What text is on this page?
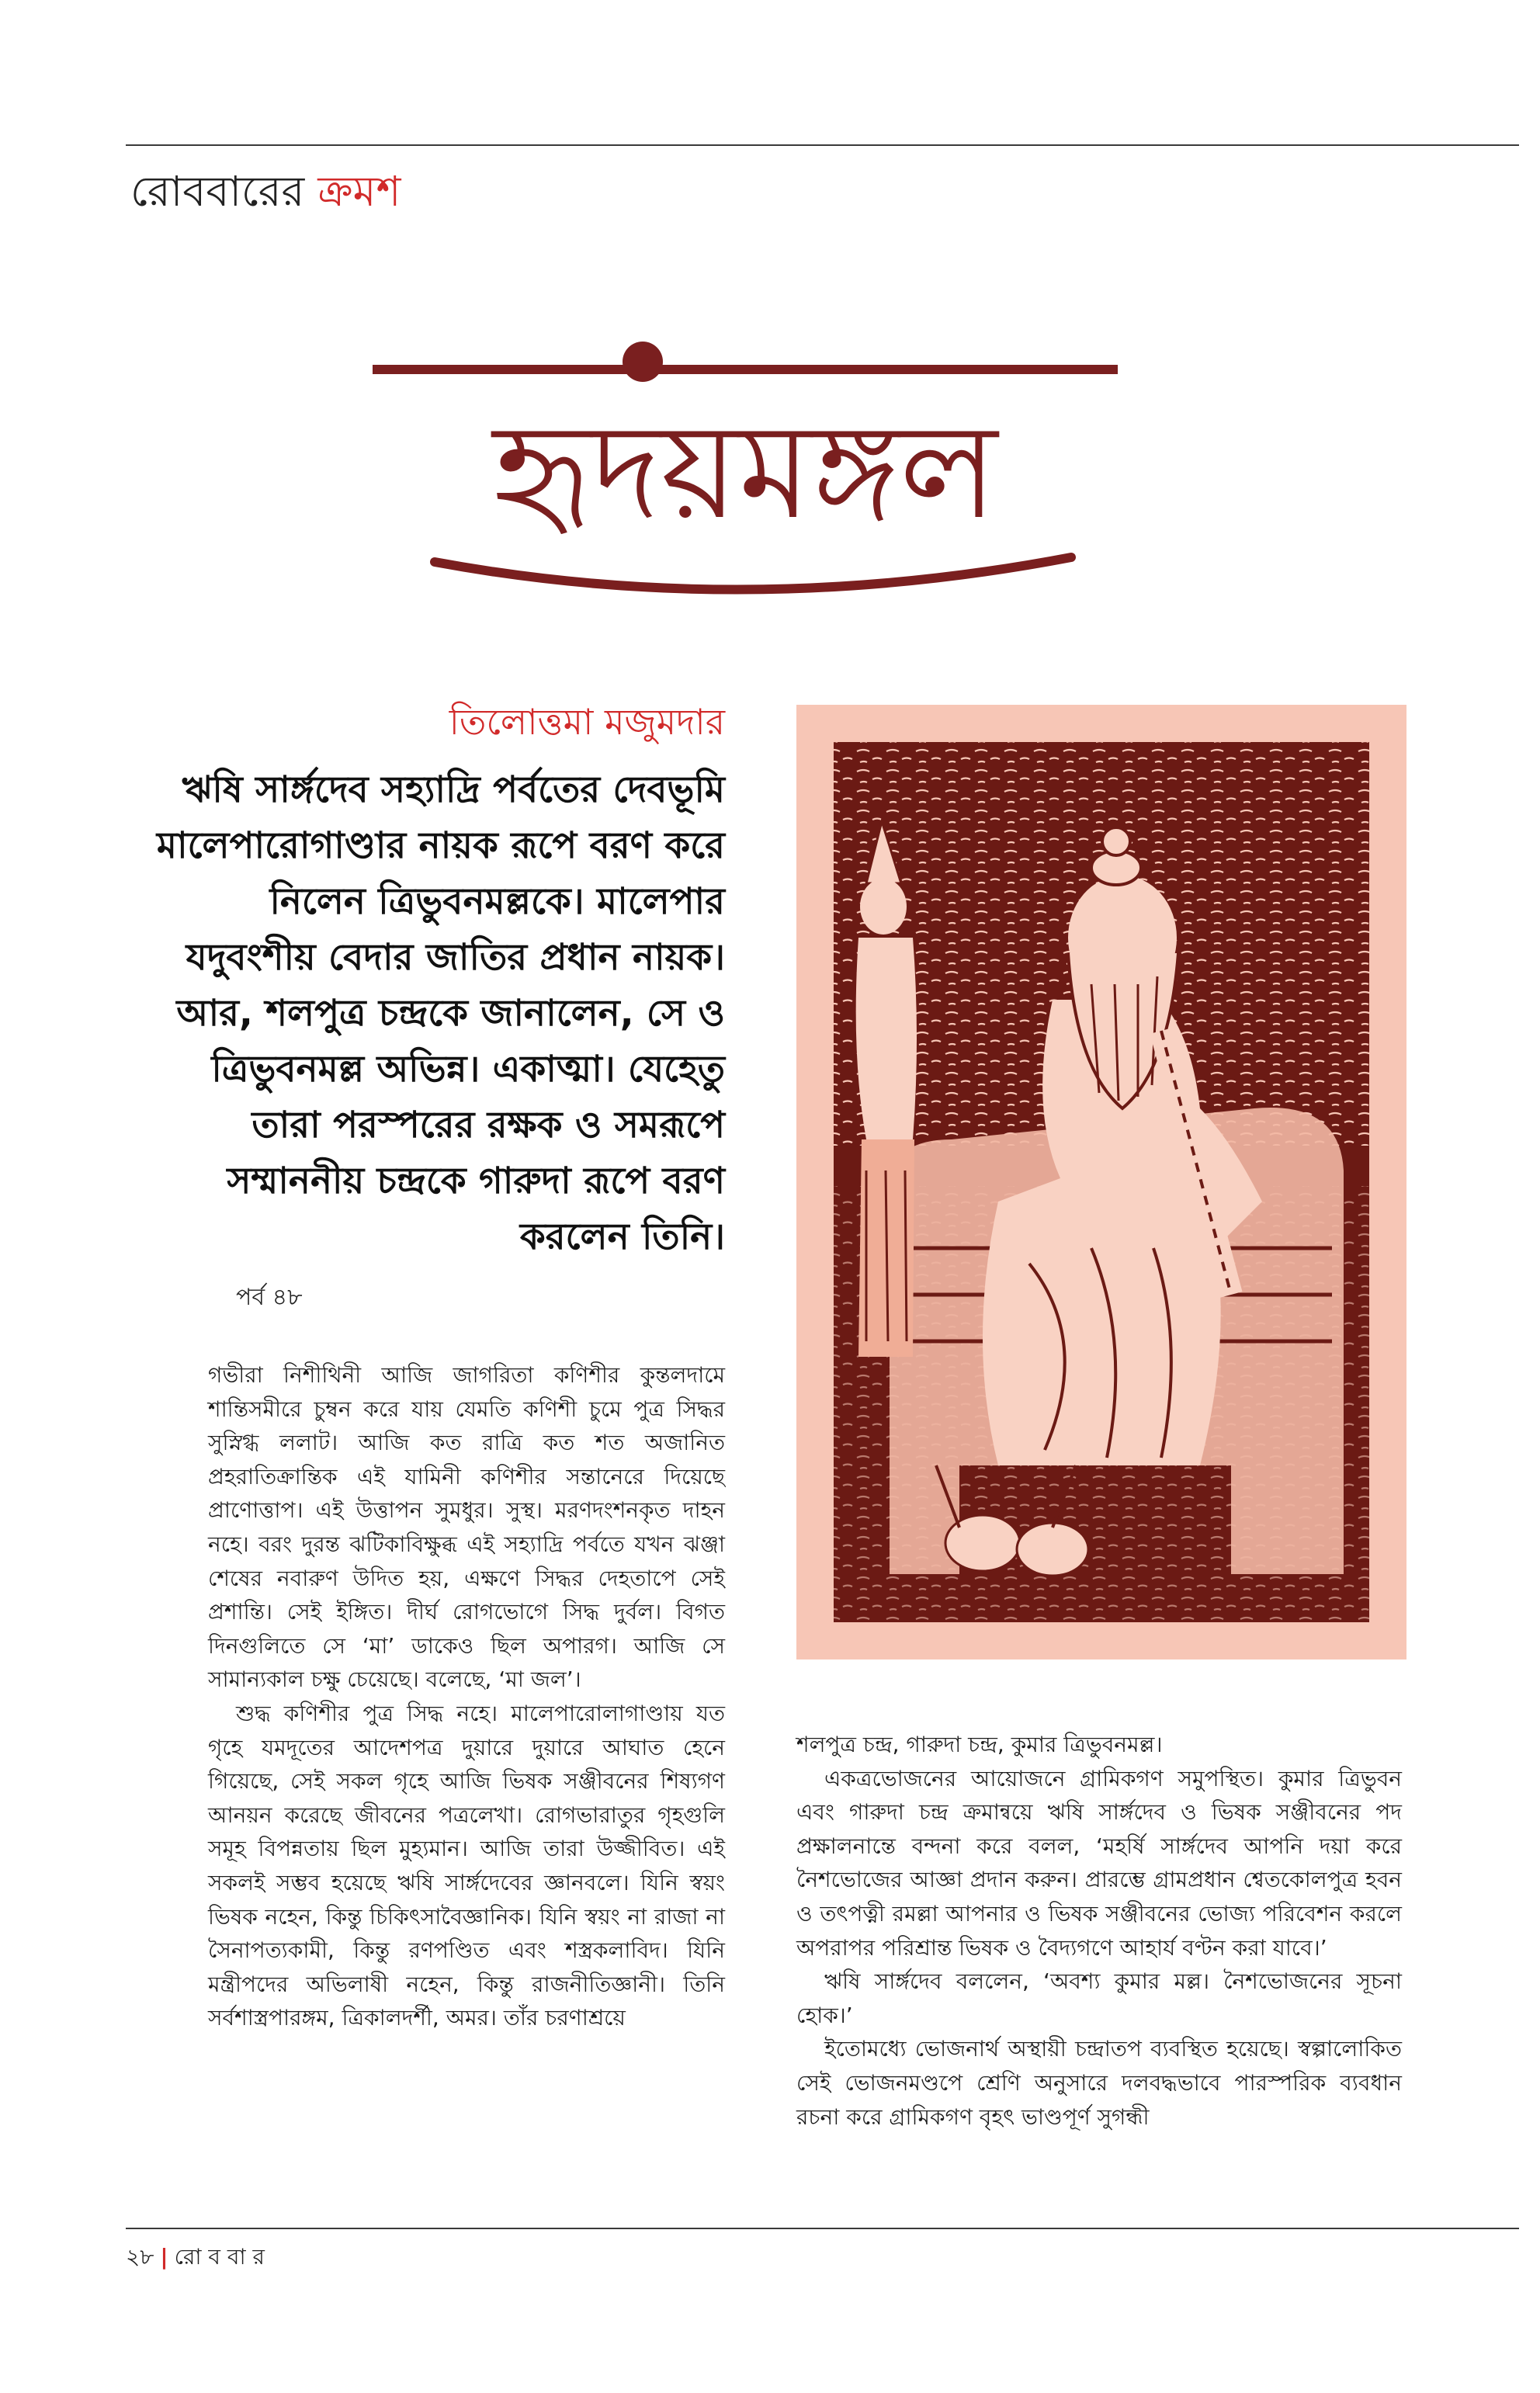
রোববারের ক্রমশ
হৃদয়মঙ্গল
তিলোত্তমা মজুমদার
ঋষি সার্ঙ্গদেব সহ্যাদ্রি পর্বতের দেবভূমি মালেপারোগাণ্ডার নায়ক রূপে বরণ করে নিলেন ত্রিভুবনমল্লকে। মালেপার যদুবংশীয় বেদার জাতির প্রধান নায়ক। আর, শলপুত্র চন্দ্রকে জানালেন, সে ও ত্রিভুবনমল্ল অভিন্ন। একাত্মা। যেহেতু তারা পরস্পরের রক্ষক ও সমরূপে সম্মাননীয় চন্দ্রকে গারুদা রূপে বরণ করলেন তিনি।
পর্ব ৪৮

গভীরা নিশীথিনী আজি জাগরিতা কণিশীর কুন্তলদামে শান্তিসমীরে চুম্বন করে যায় যেমতি কণিশী চুমে পুত্র সিদ্ধর সুস্নিগ্ধ ললাট। আজি কত রাত্রি কত শত অজানিত প্রহরাতিক্রান্তিক এই যামিনী কণিশীর সন্তানেরে দিয়েছে প্রাণোত্তাপ। এই উত্তাপন সুমধুর। সুস্থ। মরণদংশনকৃত দাহন নহে। বরং দুরন্ত ঝটিকাবিক্ষুব্ধ এই সহ্যাদ্রি পর্বতে যখন ঝঞ্জা শেষের নবারুণ উদিত হয়, এক্ষণে সিদ্ধর দেহতাপে সেই প্রশান্তি। সেই ইঙ্গিত। দীর্ঘ রোগভোগে সিদ্ধ দুর্বল। বিগত দিনগুলিতে সে ‘মা’ ডাকেও ছিল অপারগ। আজি সে সামান্যকাল চক্ষু চেয়েছে। বলেছে, ‘মা জল’।

শুদ্ধ কণিশীর পুত্র সিদ্ধ নহে। মালেপারোলাগাণ্ডায় যত গৃহে যমদূতের আদেশপত্র দুয়ারে দুয়ারে আঘাত হেনে গিয়েছে, সেই সকল গৃহে আজি ভিষক সঞ্জীবনের শিষ্যগণ আনয়ন করেছে জীবনের পত্রলেখা। রোগভারাতুর গৃহগুলি সমূহ বিপন্নতায় ছিল মুহ্যমান। আজি তারা উজ্জীবিত। এই সকলই সম্ভব হয়েছে ঋষি সার্ঙ্গদেবের জ্ঞানবলে। যিনি স্বয়ং ভিষক নহেন, কিন্তু চিকিৎসাবৈজ্ঞানিক। যিনি স্বয়ং না রাজা না সৈনাপত্যকামী, কিন্তু রণপণ্ডিত এবং শস্ত্রকলাবিদ। যিনি মন্ত্রীপদের অভিলাষী নহেন, কিন্তু রাজনীতিজ্ঞানী। তিনি সর্বশাস্ত্রপারঙ্গম, ত্রিকালদর্শী, অমর। তাঁর চরণাশ্রয়ে

শলপুত্র চন্দ্র, গারুদা চন্দ্র, কুমার ত্রিভুবনমল্ল।

একত্রভোজনের আয়োজনে গ্রামিকগণ সমুপস্থিত। কুমার ত্রিভুবন এবং গারুদা চন্দ্র ক্রমান্বয়ে ঋষি সার্ঙ্গদেব ও ভিষক সঞ্জীবনের পদ প্রক্ষালনান্তে বন্দনা করে বলল, ‘মহর্ষি সার্ঙ্গদেব আপনি দয়া করে নৈশভোজের আজ্ঞা প্রদান করুন। প্রারম্ভে গ্রামপ্রধান শ্বেতকোলপুত্র হবন ও তৎপত্নী রমল্লা আপনার ও ভিষক সঞ্জীবনের ভোজ্য পরিবেশন করলে অপরাপর পরিশ্রান্ত ভিষক ও বৈদ্যগণে আহার্য বণ্টন করা যাবে।’

ঋষি সার্ঙ্গদেব বললেন, ‘অবশ্য কুমার মল্ল। নৈশভোজনের সূচনা হোক।’

ইতোমধ্যে ভোজনার্থ অস্থায়ী চন্দ্রাতপ ব্যবস্থিত হয়েছে। স্বল্পালোকিত সেই ভোজনমণ্ডপে শ্রেণি অনুসারে দলবদ্ধভাবে পারস্পরিক ব্যবধান রচনা করে গ্রামিকগণ বৃহৎ ভাণ্ডপূর্ণ সুগন্ধী

২৮ | রো ব বা র
